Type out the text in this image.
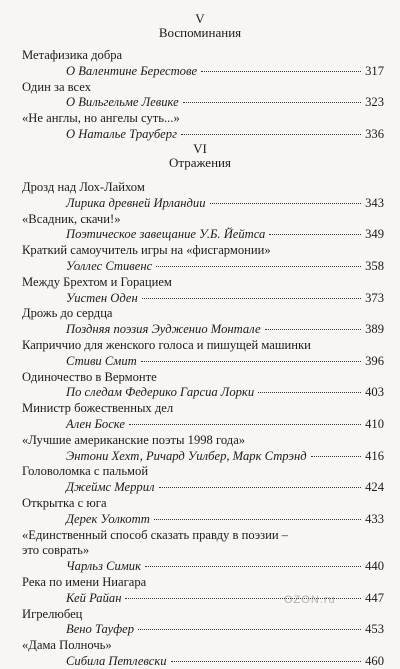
V
Воспоминания
Метафизика добра
О Валентине Берестове	317
Один за всех
О Вильгельме Левике	323
«Не англы, но ангелы суть...»
О Наталье Трауберг	336
VI
Отражения
Дрозд над Лох-Лайхом
Лирика древней Ирландии	343
«Всадник, скачи!»
Поэтическое завещание У.Б. Йейтса	349
Краткий самоучитель игры на «фисгармонии»
Уоллес Стивенс	358
Между Брехтом и Горацием
Уистен Оден	373
Дрожь до сердца
Поздняя поэзия Эудженио Монтале	389
Каприччио для женского голоса и пишущей машинки
Стиви Смит	396
Одиночество в Вермонте
По следам Федерико Гарсиа Лорки	403
Министр божественных дел
Ален Боске	410
«Лучшие американские поэты 1998 года»
Энтони Хехт, Ричард Уилбер, Марк Стрэнд	416
Головоломка с пальмой
Джеймс Меррил	424
Открытка с юга
Дерек Уолкотт	433
«Единственный способ сказать правду в поэзии –
это соврать»
Чарльз Симик	440
Река по имени Ниагара
Кей Райан	447
Игрелюбец
Вено Тауфер	453
«Дама Полночь»
Сибила Петлевски	460
OZON.ru
